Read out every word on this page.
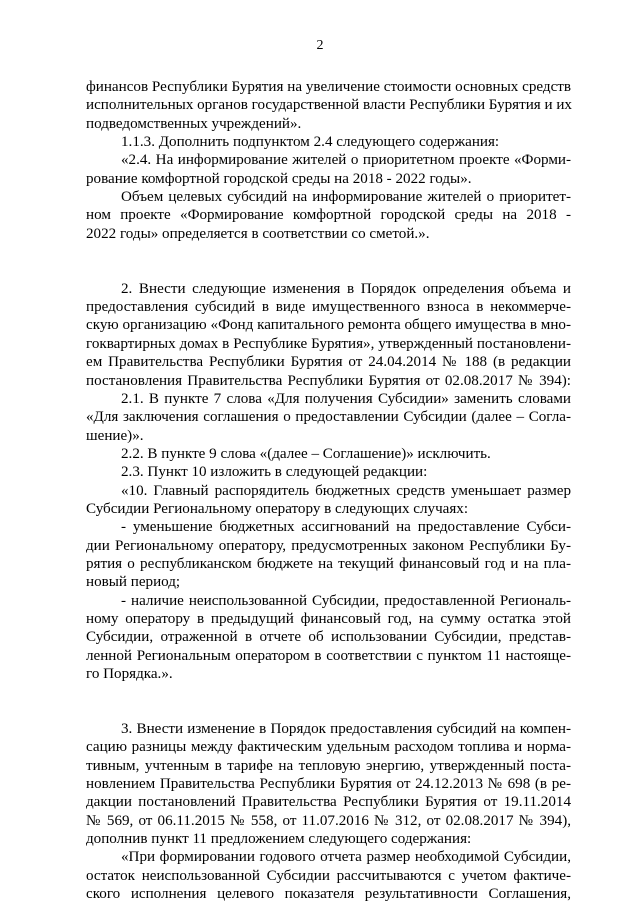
2
финансов Республики Бурятия на увеличение стоимости основных средств
исполнительных органов государственной власти Республики Бурятия и их
подведомственных учреждений».
1.1.3. Дополнить подпунктом 2.4 следующего содержания:
«2.4. На информирование жителей о приоритетном проекте «Форми-
рование комфортной городской среды на 2018 - 2022 годы».
Объем целевых субсидий на информирование жителей о приоритет-
ном проекте «Формирование комфортной городской среды на 2018 -
2022 годы» определяется в соответствии со сметой.».
2. Внести следующие изменения в Порядок определения объема и
предоставления субсидий в виде имущественного взноса в некоммерче-
скую организацию «Фонд капитального ремонта общего имущества в мно-
гоквартирных домах в Республике Бурятия», утвержденный постановлени-
ем Правительства Республики Бурятия от 24.04.2014 № 188 (в редакции
постановления Правительства Республики Бурятия от 02.08.2017 № 394):
2.1. В пункте 7 слова «Для получения Субсидии» заменить словами
«Для заключения соглашения о предоставлении Субсидии (далее – Согла-
шение)».
2.2. В пункте 9 слова «(далее – Соглашение)» исключить.
2.3. Пункт 10 изложить в следующей редакции:
«10. Главный распорядитель бюджетных средств уменьшает размер
Субсидии Региональному оператору в следующих случаях:
- уменьшение бюджетных ассигнований на предоставление Субси-
дии Региональному оператору, предусмотренных законом Республики Бу-
рятия о республиканском бюджете на текущий финансовый год и на пла-
новый период;
- наличие неиспользованной Субсидии, предоставленной Региональ-
ному оператору в предыдущий финансовый год, на сумму остатка этой
Субсидии, отраженной в отчете об использовании Субсидии, представ-
ленной Региональным оператором в соответствии с пунктом 11 настояще-
го Порядка.».
3. Внести изменение в Порядок предоставления субсидий на компен-
сацию разницы между фактическим удельным расходом топлива и норма-
тивным, учтенным в тарифе на тепловую энергию, утвержденный поста-
новлением Правительства Республики Бурятия от 24.12.2013 № 698 (в ре-
дакции постановлений Правительства Республики Бурятия от 19.11.2014
№ 569, от 06.11.2015 № 558, от 11.07.2016 № 312, от 02.08.2017 № 394),
дополнив пункт 11 предложением следующего содержания:
«При формировании годового отчета размер необходимой Субсидии,
остаток неиспользованной Субсидии рассчитываются с учетом фактиче-
ского исполнения целевого показателя результативности Соглашения,
